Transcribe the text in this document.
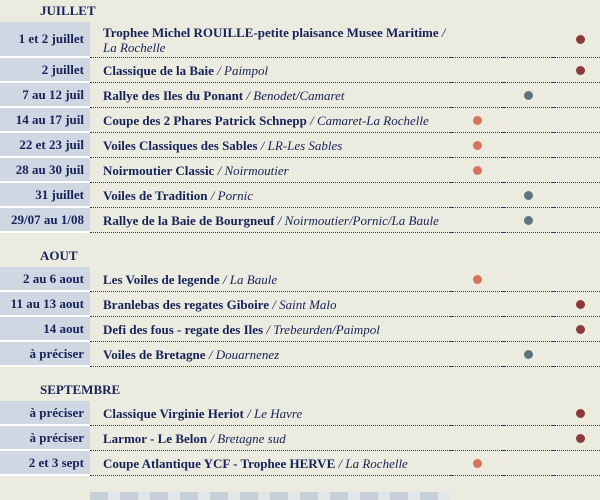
JUILLET
1 et 2 juillet Trophee Michel ROUILLE-petite plaisance Musee Maritime /
La Rochelle
2 juillet Classique de la Baie / Paimpol
7 au 12 juil Rallye des Iles du Ponant / Benodet/Camaret
14 au 17 juil Coupe des 2 Phares Patrick Schnepp / Camaret-La Rochelle
22 et 23 juil Voiles Classiques des Sables / LR-Les Sables
28 au 30 juil Noirmoutier Classic / Noirmoutier
31 juillet Voiles de Tradition / Pornic
29/07 au 1/08 Rallye de la Baie de Bourgneuf / Noirmoutier/Pornic/La Baule
AOUT
2 au 6 aout Les Voiles de legende / La Baule
11 au 13 aout Branlebas des regates Giboire / Saint Malo
14 aout Defi des fous - regate des Iles / Trebeurden/Paimpol
à préciser Voiles de Bretagne / Douarnenez
SEPTEMBRE
à préciser Classique Virginie Heriot / Le Havre
à préciser Larmor - Le Belon / Bretagne sud
2 et 3 sept Coupe Atlantique YCF - Trophee HERVE / La Rochelle
